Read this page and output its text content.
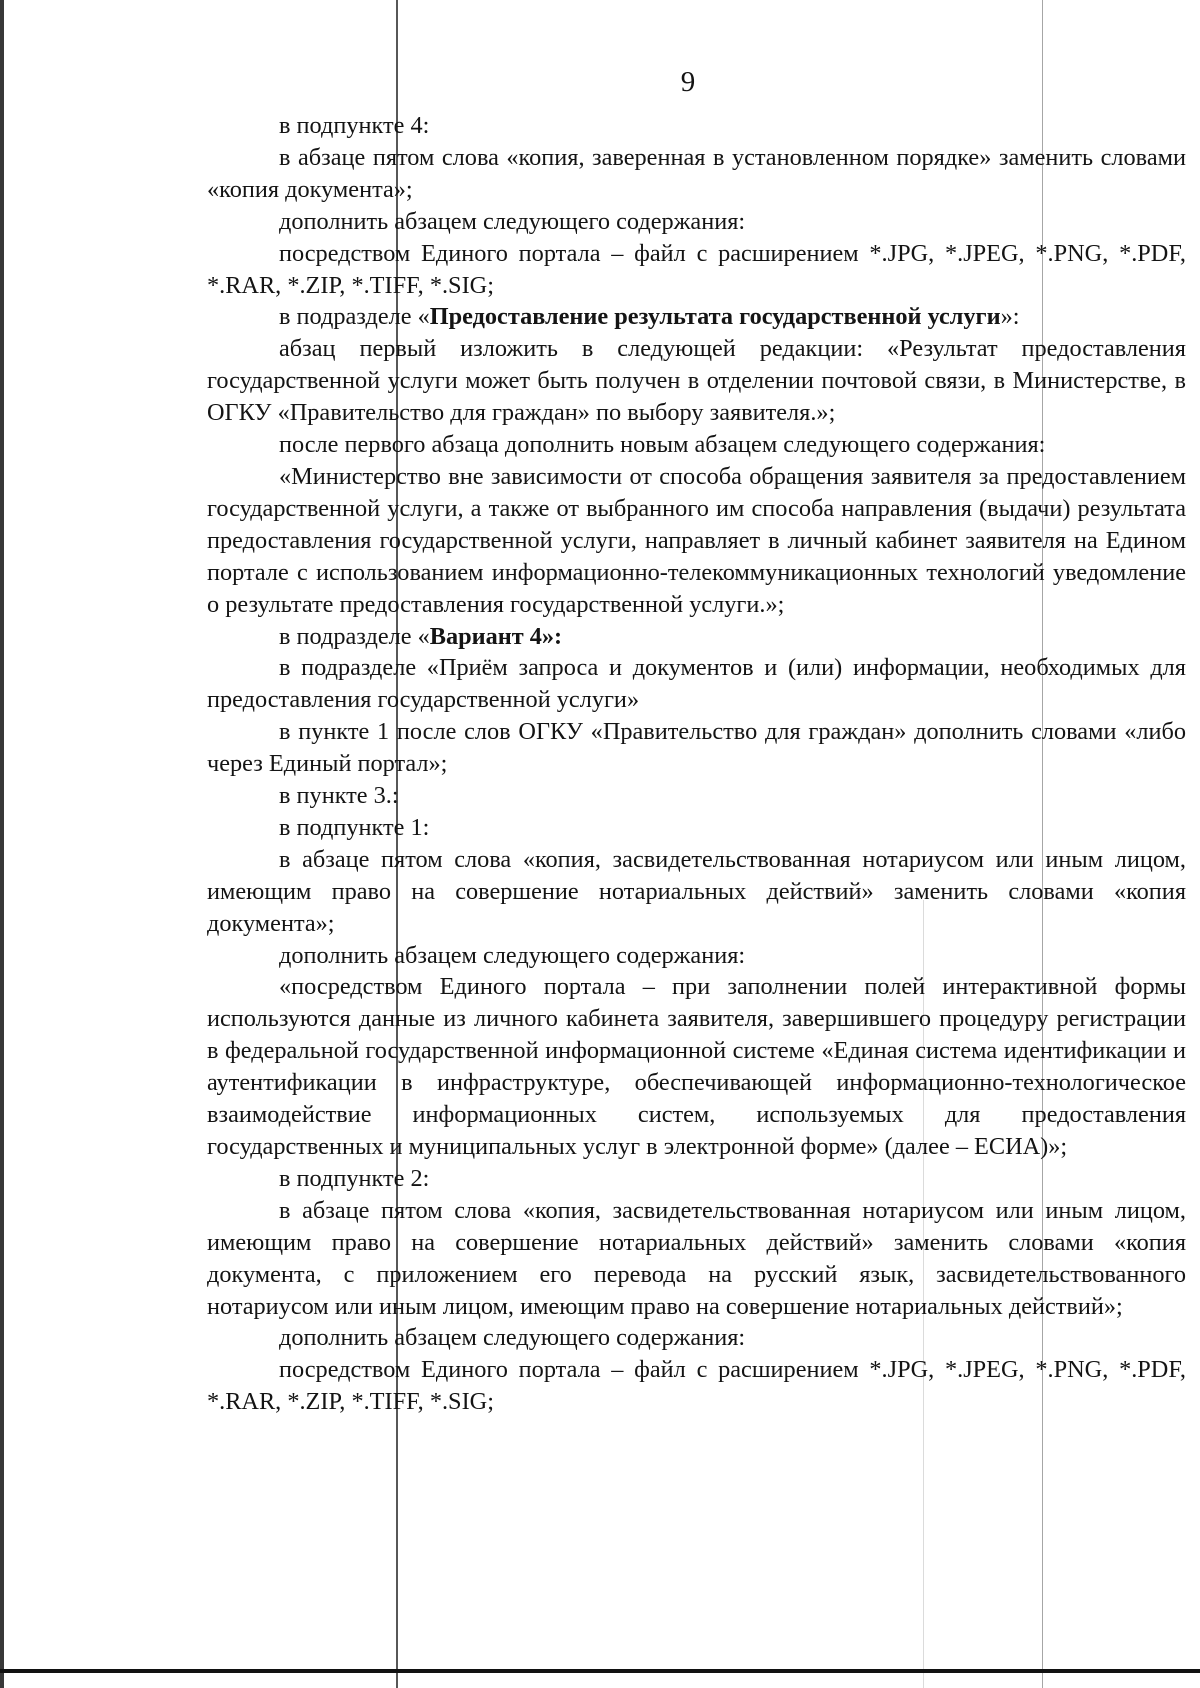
9

в подпункте 4:

в абзаце пятом слова «копия, заверенная в установленном порядке» заменить словами «копия документа»;

дополнить абзацем следующего содержания:

посредством Единого портала – файл с расширением *.JPG, *.JPEG, *.PNG, *.PDF, *.RAR, *.ZIP, *.TIFF, *.SIG;

в подразделе «Предоставление результата государственной услуги»:

абзац первый изложить в следующей редакции: «Результат предоставления государственной услуги может быть получен в отделении почтовой связи, в Министерстве, в ОГКУ «Правительство для граждан» по выбору заявителя.»;

после первого абзаца дополнить новым абзацем следующего содержания:

«Министерство вне зависимости от способа обращения заявителя за предоставлением государственной услуги, а также от выбранного им способа направления (выдачи) результата предоставления государственной услуги, направляет в личный кабинет заявителя на Едином портале с использованием информационно-телекоммуникационных технологий уведомление о результате предоставления государственной услуги.»;

в подразделе «Вариант 4»:

в подразделе «Приём запроса и документов и (или) информации, необходимых для предоставления государственной услуги»

в пункте 1 после слов ОГКУ «Правительство для граждан» дополнить словами «либо через Единый портал»;

в пункте 3.:

в подпункте 1:

в абзаце пятом слова «копия, засвидетельствованная нотариусом или иным лицом, имеющим право на совершение нотариальных действий» заменить словами «копия документа»;

дополнить абзацем следующего содержания:

«посредством Единого портала – при заполнении полей интерактивной формы используются данные из личного кабинета заявителя, завершившего процедуру регистрации в федеральной государственной информационной системе «Единая система идентификации и аутентификации в инфраструктуре, обеспечивающей информационно-технологическое взаимодействие информационных систем, используемых для предоставления государственных и муниципальных услуг в электронной форме» (далее – ЕСИА)»;

в подпункте 2:

в абзаце пятом слова «копия, засвидетельствованная нотариусом или иным лицом, имеющим право на совершение нотариальных действий» заменить словами «копия документа, с приложением его перевода на русский язык, засвидетельствованного нотариусом или иным лицом, имеющим право на совершение нотариальных действий»;

дополнить абзацем следующего содержания:

посредством Единого портала – файл с расширением *.JPG, *.JPEG, *.PNG, *.PDF, *.RAR, *.ZIP, *.TIFF, *.SIG;
